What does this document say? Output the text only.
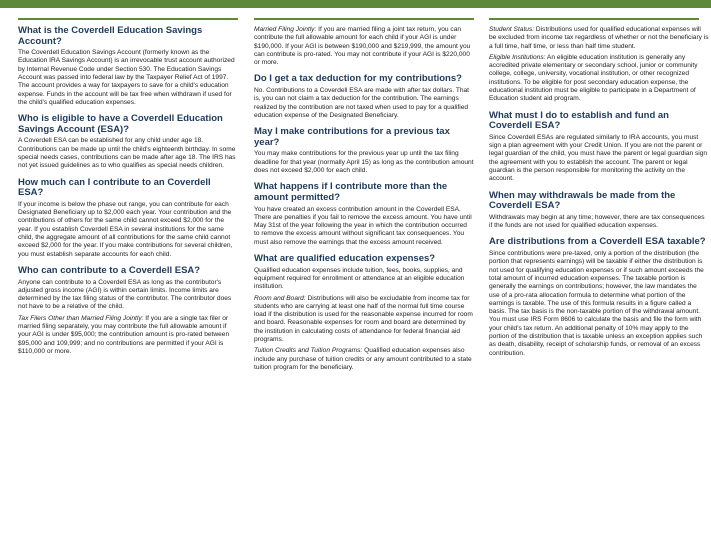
What is the Coverdell Education Savings Account?

The Coverdell Education Savings Account (formerly known as the Education IRA Savings Account) is an irrevocable trust account authorized by Internal Revenue Code under Section 530. The Education Savings Account was passed into federal law by the Taxpayer Relief Act of 1997. The account provides a way for taxpayers to save for a child's education expense. Funds in the account will be tax free when withdrawn if used for the child's qualified education expenses.

Who is eligible to have a Coverdell Education Savings Account (ESA)?

A Coverdell ESA can be established for any child under age 18. Contributions can be made up until the child's eighteenth birthday. In some special needs cases, contributions can be made after age 18. The IRS has not yet issued guidelines as to who qualifies as special needs children.

How much can I contribute to an Coverdell ESA?

If your income is below the phase out range, you can contribute for each Designated Beneficiary up to $2,000 each year. Your contribution and the contributions of others for the same child cannot exceed $2,000 for the year. If you establish Coverdell ESA in several institutions for the same child, the aggregate amount of all contributions for the same child cannot exceed $2,000 for the year. If you make contributions for several children, you must establish separate accounts for each child.

Who can contribute to a Coverdell ESA?

Anyone can contribute to a Coverdell ESA as long as the contributor's adjusted gross income (AGI) is within certain limits. Income limits are determined by the tax filing status of the contributor. The contributor does not have to be a relative of the child.

Tax Filers Other than Married Filing Jointly: If you are a single tax filer or married filing separately, you may contribute the full allowable amount if your AGI is under $95,000; the contribution amount is pro-rated between $95,000 and 109,999; and no contributions are permitted if your AGI is $110,000 or more.

Married Filing Jointly: If you are married filing a joint tax return, you can contribute the full allowable amount for each child if your AGI is under $190,000. If your AGI is between $190,000 and $219,999, the amount you can contribute is pro-rated. You may not contribute if your AGI is $220,000 or more.

Do I get a tax deduction for my contributions?

No. Contributions to a Coverdell ESA are made with after tax dollars. That is, you can not claim a tax deduction for the contribution. The earnings realized by the contribution are not taxed when used to pay for a qualified education expense of the Designated Beneficiary.

May I make contributions for a previous tax year?

You may make contributions for the previous year up until the tax filing deadline for that year (normally April 15) as long as the contribution amount does not exceed $2,000 for each child.

What happens if I contribute more than the amount permitted?

You have created an excess contribution amount in the Coverdell ESA. There are penalties if you fail to remove the excess amount. You have until May 31st of the year following the year in which the contribution occurred to remove the excess amount without significant tax consequences. You must also remove the earnings that the excess amount received.

What are qualified education expenses?

Qualified education expenses include tuition, fees, books, supplies, and equipment required for enrollment or attendance at an eligible education institution.

Room and Board: Distributions will also be excludable from income tax for students who are carrying at least one half of the normal full time course load if the distribution is used for the reasonable expense incurred for room and board. Reasonable expenses for room and board are determined by the institution in calculating costs of attendance for federal financial aid programs.

Tuition Credits and Tuition Programs: Qualified education expenses also include any purchase of tuition credits or any amount contributed to a state tuition program for the beneficiary.

Student Status: Distributions used for qualified educational expenses will be excluded from income tax regardless of whether or not the beneficiary is a full time, half time, or less than half time student.

Eligible Institutions: An eligible education institution is generally any accredited private elementary or secondary school, junior or community college, college, university, vocational institution, or other recognized institutions. To be eligible for post secondary education expense, the educational institution must be eligible to participate in a Department of Education student aid program.

What must I do to establish and fund an Coverdell ESA?

Since Coverdell ESAs are regulated similarly to IRA accounts, you must sign a plan agreement with your Credit Union. If you are not the parent or legal guardian of the child, you must have the parent or legal guardian sign the agreement with you to establish the account. The parent or legal guardian is the person responsible for monitoring the activity on the account.

When may withdrawals be made from the Coverdell ESA?

Withdrawals may begin at any time; however, there are tax consequences if the funds are not used for qualified education expenses.

Are distributions from a Coverdell ESA taxable?

Since contributions were pre-taxed, only a portion of the distribution (the portion that represents earnings) will be taxable if either the distribution is not used for qualifying education expenses or if such amount exceeds the total amount of incurred education expenses. The taxable portion is generally the earnings on contributions; however, the law mandates the use of a pro-rata allocation formula to determine what portion of the earnings is taxable. The use of this formula results in a figure called a basis. The tax basis is the non-taxable portion of the withdrawal amount. You must use IRS Form 8606 to calculate the basis and file the form with your child's tax return. An additional penalty of 10% may apply to the portion of the distribution that is taxable unless an exception applies such as death, disability, receipt of scholarship funds, or removal of an excess contribution.
